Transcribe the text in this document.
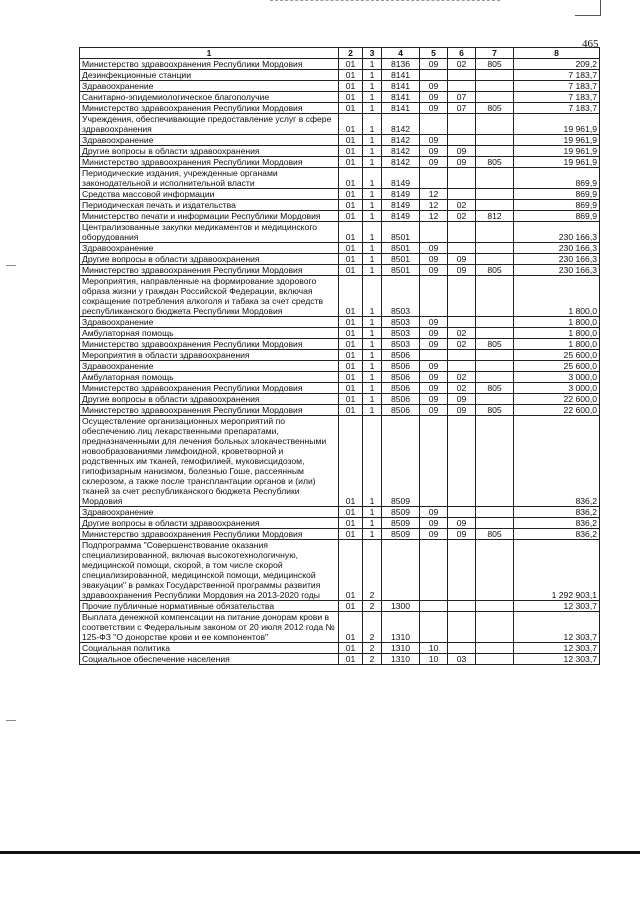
465
1	2	3	4	5	6	7	8
Министерство здравоохранения Республики Мордовия	01	1	8136	09	02	805	209,2
Дезинфекционные станции	01	1	8141				7 183,7
Здравоохранение	01	1	8141	09			7 183,7
Санитарно-эпидемиологическое благополучие	01	1	8141	09	07		7 183,7
Министерство здравоохранения Республики Мордовия	01	1	8141	09	07	805	7 183,7
Учреждения, обеспечивающие предоставление услуг в сфере здравоохранения	01	1	8142				19 961,9
Здравоохранение	01	1	8142	09			19 961,9
Другие вопросы в области здравоохранения	01	1	8142	09	09		19 961,9
Министерство здравоохранения Республики Мордовия	01	1	8142	09	09	805	19 961,9
Периодические издания, учрежденные органами законодательной и исполнительной власти	01	1	8149				869,9
Средства массовой информации	01	1	8149	12			869,9
Периодическая печать и издательства	01	1	8149	12	02		869,9
Министерство печати и информации Республики Мордовия	01	1	8149	12	02	812	869,9
Централизованные закупки медикаментов и медицинского оборудования	01	1	8501				230 166,3
Здравоохранение	01	1	8501	09			230 166,3
Другие вопросы в области здравоохранения	01	1	8501	09	09		230 166,3
Министерство здравоохранения Республики Мордовия	01	1	8501	09	09	805	230 166,3
Мероприятия, направленные на формирование здорового образа жизни у граждан Российской Федерации, включая сокращение потребления алкоголя и табака за счет средств республиканского бюджета Республики Мордовия	01	1	8503				1 800,0
Здравоохранение	01	1	8503	09			1 800,0
Амбулаторная помощь	01	1	8503	09	02		1 800,0
Министерство здравоохранения Республики Мордовия	01	1	8503	09	02	805	1 800,0
Мероприятия в области здравоохранения	01	1	8506				25 600,0
Здравоохранение	01	1	8506	09			25 600,0
Амбулаторная помощь	01	1	8506	09	02		3 000,0
Министерство здравоохранения Республики Мордовия	01	1	8506	09	02	805	3 000,0
Другие вопросы в области здравоохранения	01	1	8506	09	09		22 600,0
Министерство здравоохранения Республики Мордовия	01	1	8506	09	09	805	22 600,0
Осуществление организационных мероприятий по обеспечению лиц лекарственными препаратами, предназначенными для лечения больных злокачественными новообразованиями лимфоидной, кроветворной и родственных им тканей, гемофилией, муковисцидозом, гипофизарным нанизмом, болезнью Гоше, рассеянным склерозом, а также после трансплантации органов и (или) тканей за счет республиканского бюджета Республики Мордовия	01	1	8509				836,2
Здравоохранение	01	1	8509	09			836,2
Другие вопросы в области здравоохранения	01	1	8509	09	09		836,2
Министерство здравоохранения Республики Мордовия	01	1	8509	09	09	805	836,2
Подпрограмма "Совершенствование оказания специализированной, включая высокотехнологичную, медицинской помощи, скорой, в том числе скорой специализированной, медицинской помощи, медицинской эвакуации" в рамках Государственной программы развития здравоохранения Республики Мордовия на 2013-2020 годы	01	2					1 292 903,1
Прочие публичные нормативные обязательства	01	2	1300				12 303,7
Выплата денежной компенсации на питание донорам крови в соответствии с Федеральным законом от 20 июля 2012 года № 125-ФЗ "О донорстве крови и ее компонентов"	01	2	1310				12 303,7
Социальная политика	01	2	1310	10			12 303,7
Социальное обеспечение населения	01	2	1310	10	03		12 303,7
